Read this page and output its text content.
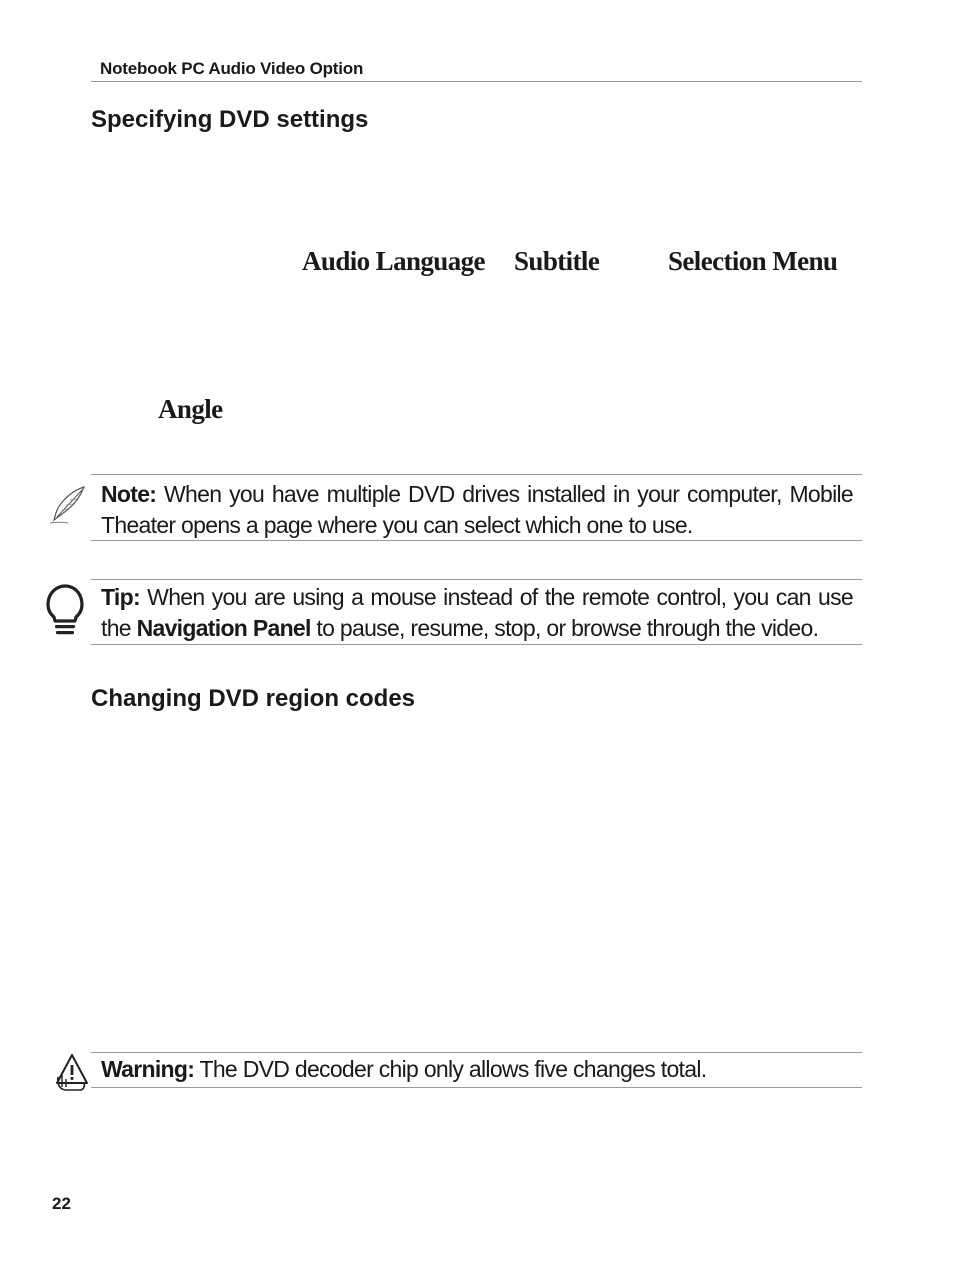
Notebook PC Audio Video Option
Specifying DVD settings
Audio Language Subtitle	Selection Menu
Angle
Note: When you have multiple DVD drives installed in your computer, Mobile Theater opens a page where you can select which one to use.
Tip: When you are using a mouse instead of the remote control, you can use the Navigation Panel to pause, resume, stop, or browse through the video.
Changing DVD region codes
Warning: The DVD decoder chip only allows five changes total.
22
